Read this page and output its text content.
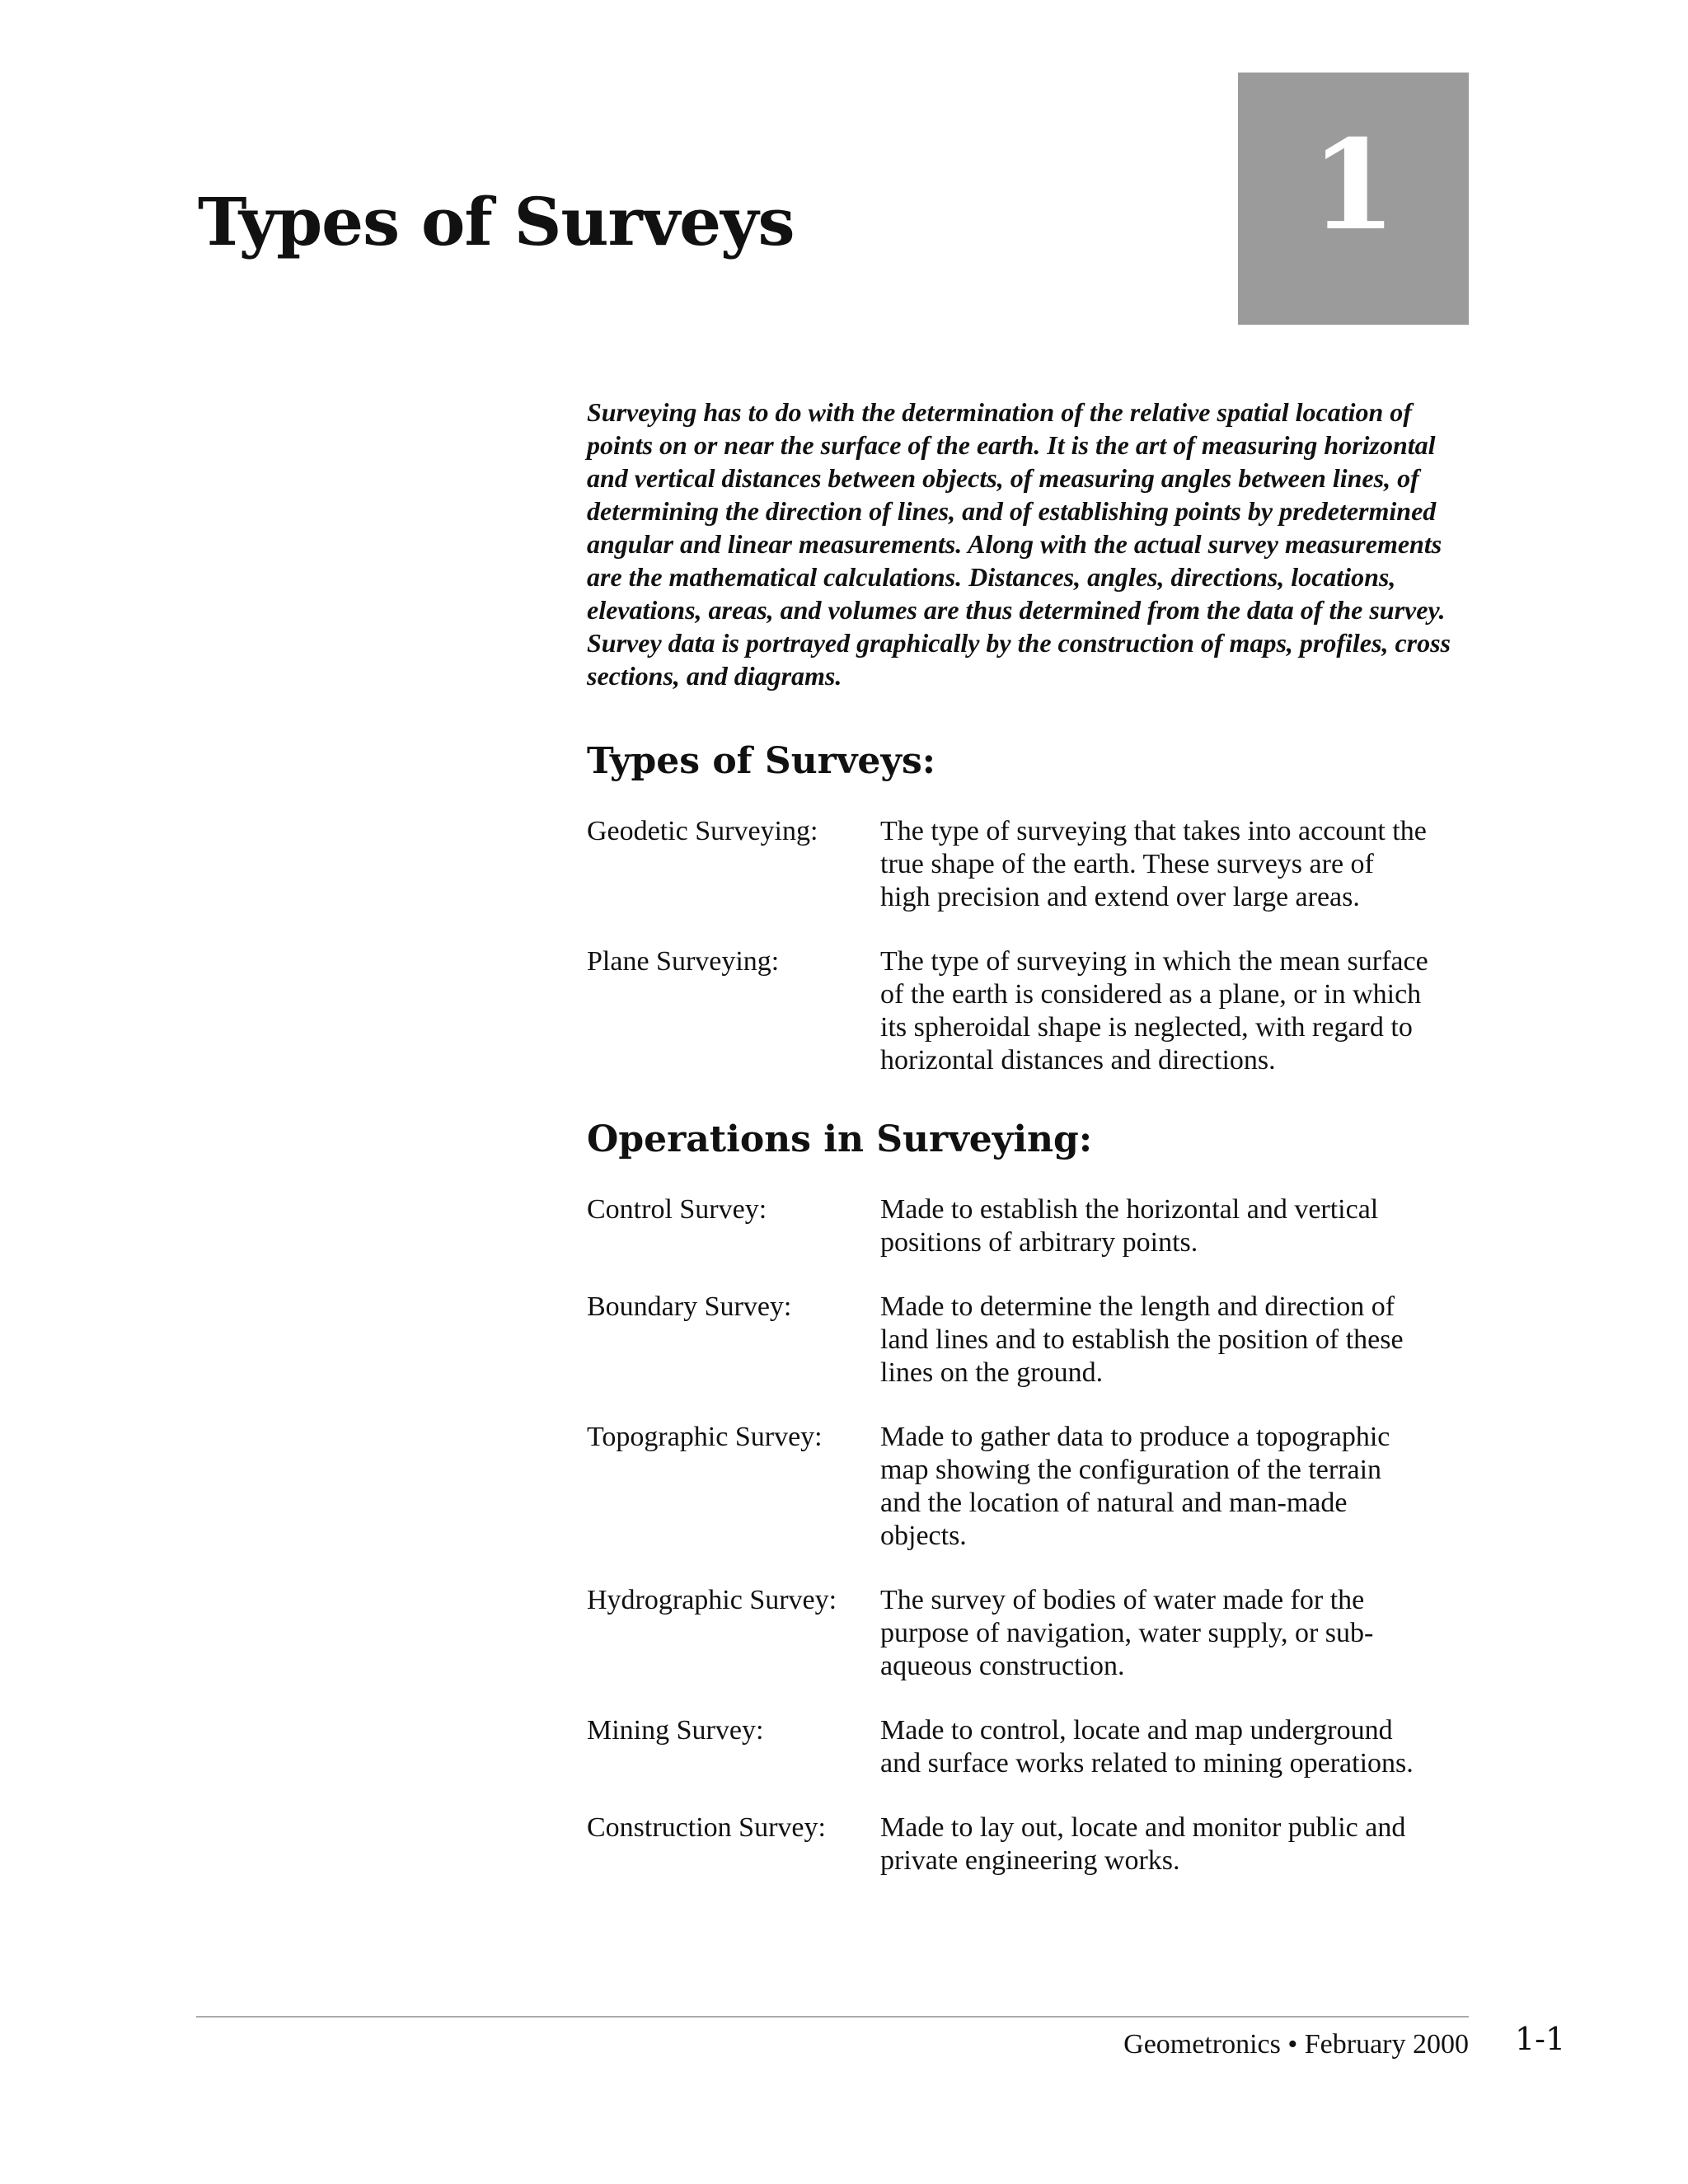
Types of Surveys	1

Surveying has to do with the determination of the relative spatial location of
points on or near the surface of the earth. It is the art of measuring horizontal
and vertical distances between objects, of measuring angles between lines, of
determining the direction of lines, and of establishing points by predetermined
angular and linear measurements. Along with the actual survey measurements
are the mathematical calculations. Distances, angles, directions, locations,
elevations, areas, and volumes are thus determined from the data of the survey.
Survey data is portrayed graphically by the construction of maps, profiles, cross
sections, and diagrams.

Types of Surveys:
Geodetic Surveying:	The type of surveying that takes into account the
true shape of the earth. These surveys are of
high precision and extend over large areas.
Plane Surveying:	The type of surveying in which the mean surface
of the earth is considered as a plane, or in which
its spheroidal shape is neglected, with regard to
horizontal distances and directions.
Operations in Surveying:
Control Survey:	Made to establish the horizontal and vertical
positions of arbitrary points.
Boundary Survey:	Made to determine the length and direction of
land lines and to establish the position of these
lines on the ground.
Topographic Survey:	Made to gather data to produce a topographic
map showing the configuration of the terrain
and the location of natural and man-made
objects.
Hydrographic Survey:	The survey of bodies of water made for the
purpose of navigation, water supply, or sub-
aqueous construction.
Mining Survey:	Made to control, locate and map underground
and surface works related to mining operations.
Construction Survey:	Made to lay out, locate and monitor public and
private engineering works.
Geometronics • February 2000 1-1
